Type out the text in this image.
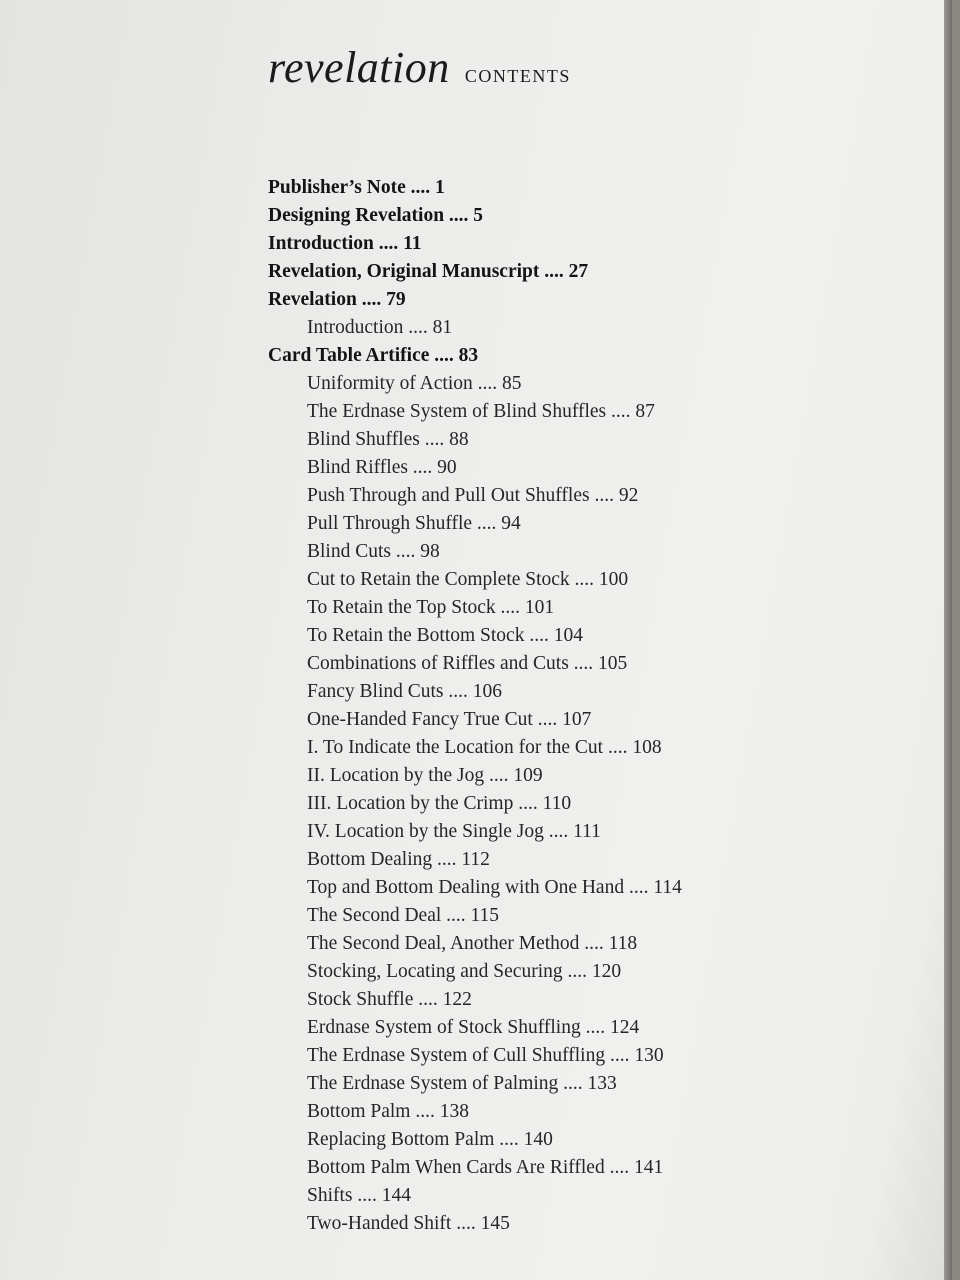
revelation contents
Publisher’s Note .... 1
Designing Revelation .... 5
Introduction .... 11
Revelation, Original Manuscript .... 27
Revelation .... 79
Introduction .... 81
Card Table Artifice .... 83
Uniformity of Action .... 85
The Erdnase System of Blind Shuffles .... 87
Blind Shuffles .... 88
Blind Riffles .... 90
Push Through and Pull Out Shuffles .... 92
Pull Through Shuffle .... 94
Blind Cuts .... 98
Cut to Retain the Complete Stock .... 100
To Retain the Top Stock .... 101
To Retain the Bottom Stock .... 104
Combinations of Riffles and Cuts .... 105
Fancy Blind Cuts .... 106
One-Handed Fancy True Cut .... 107
I. To Indicate the Location for the Cut .... 108
II. Location by the Jog .... 109
III. Location by the Crimp .... 110
IV. Location by the Single Jog .... 111
Bottom Dealing .... 112
Top and Bottom Dealing with One Hand .... 114
The Second Deal .... 115
The Second Deal, Another Method .... 118
Stocking, Locating and Securing .... 120
Stock Shuffle .... 122
Erdnase System of Stock Shuffling .... 124
The Erdnase System of Cull Shuffling .... 130
The Erdnase System of Palming .... 133
Bottom Palm .... 138
Replacing Bottom Palm .... 140
Bottom Palm When Cards Are Riffled .... 141
Shifts .... 144
Two-Handed Shift .... 145
